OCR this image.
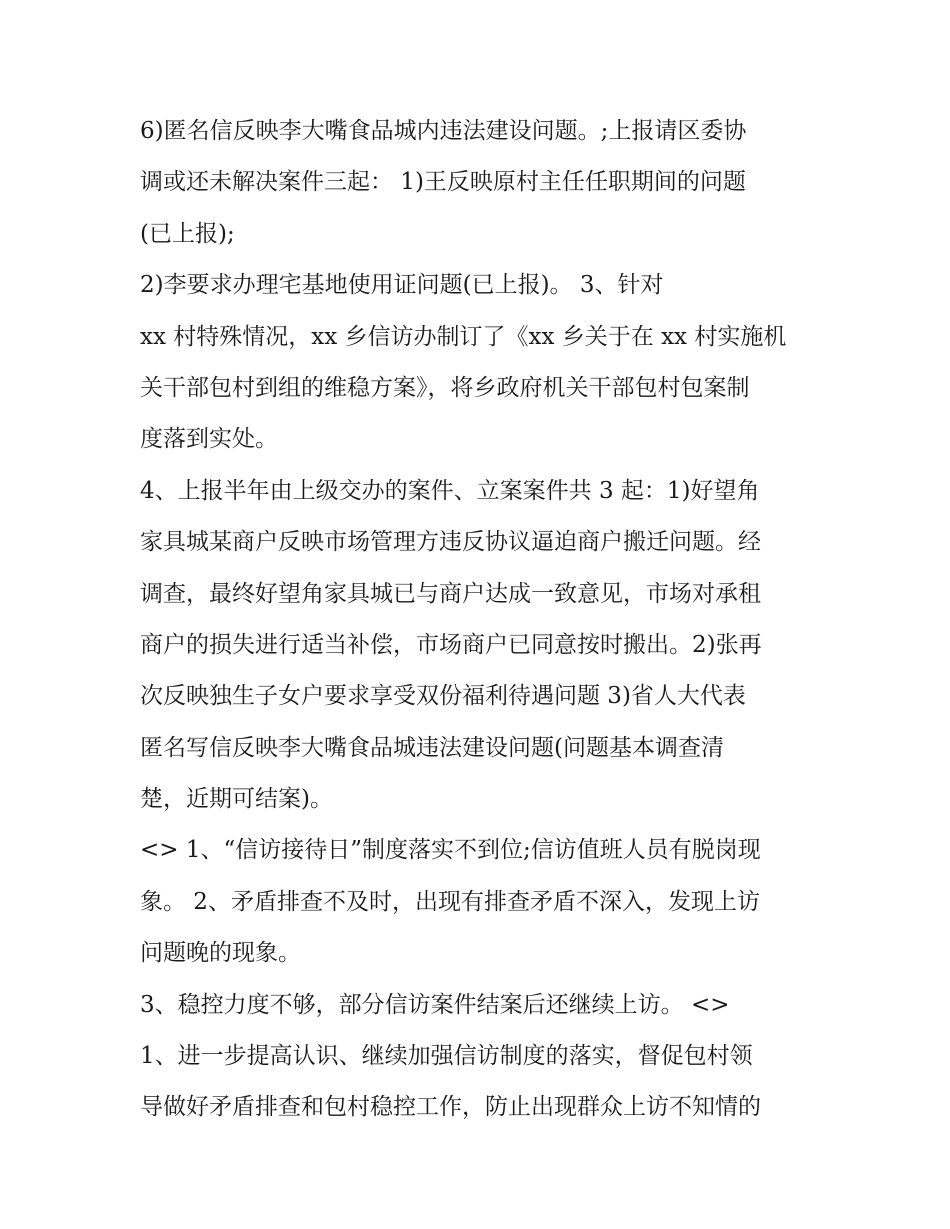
6)匿名信反映李大嘴食品城内违法建设问题。;上报请区委协
调或还未解决案件三起： 1)王反映原村主任任职期间的问题
(已上报);
2)李要求办理宅基地使用证问题(已上报)。 3、针对
xx 村特殊情况，xx 乡信访办制订了《xx 乡关于在 xx 村实施机
关干部包村到组的维稳方案》，将乡政府机关干部包村包案制
度落到实处。
4、上报半年由上级交办的案件、立案案件共 3 起：1)好望角
家具城某商户反映市场管理方违反协议逼迫商户搬迁问题。经
调查，最终好望角家具城已与商户达成一致意见，市场对承租
商户的损失进行适当补偿，市场商户已同意按时搬出。2)张再
次反映独生子女户要求享受双份福利待遇问题 3)省人大代表
匿名写信反映李大嘴食品城违法建设问题(问题基本调查清
楚，近期可结案)。
<> 1、“信访接待日”制度落实不到位;信访值班人员有脱岗现
象。 2、矛盾排查不及时，出现有排查矛盾不深入，发现上访
问题晚的现象。
3、稳控力度不够，部分信访案件结案后还继续上访。 <>
1、进一步提高认识、继续加强信访制度的落实，督促包村领
导做好矛盾排查和包村稳控工作，防止出现群众上访不知情的
